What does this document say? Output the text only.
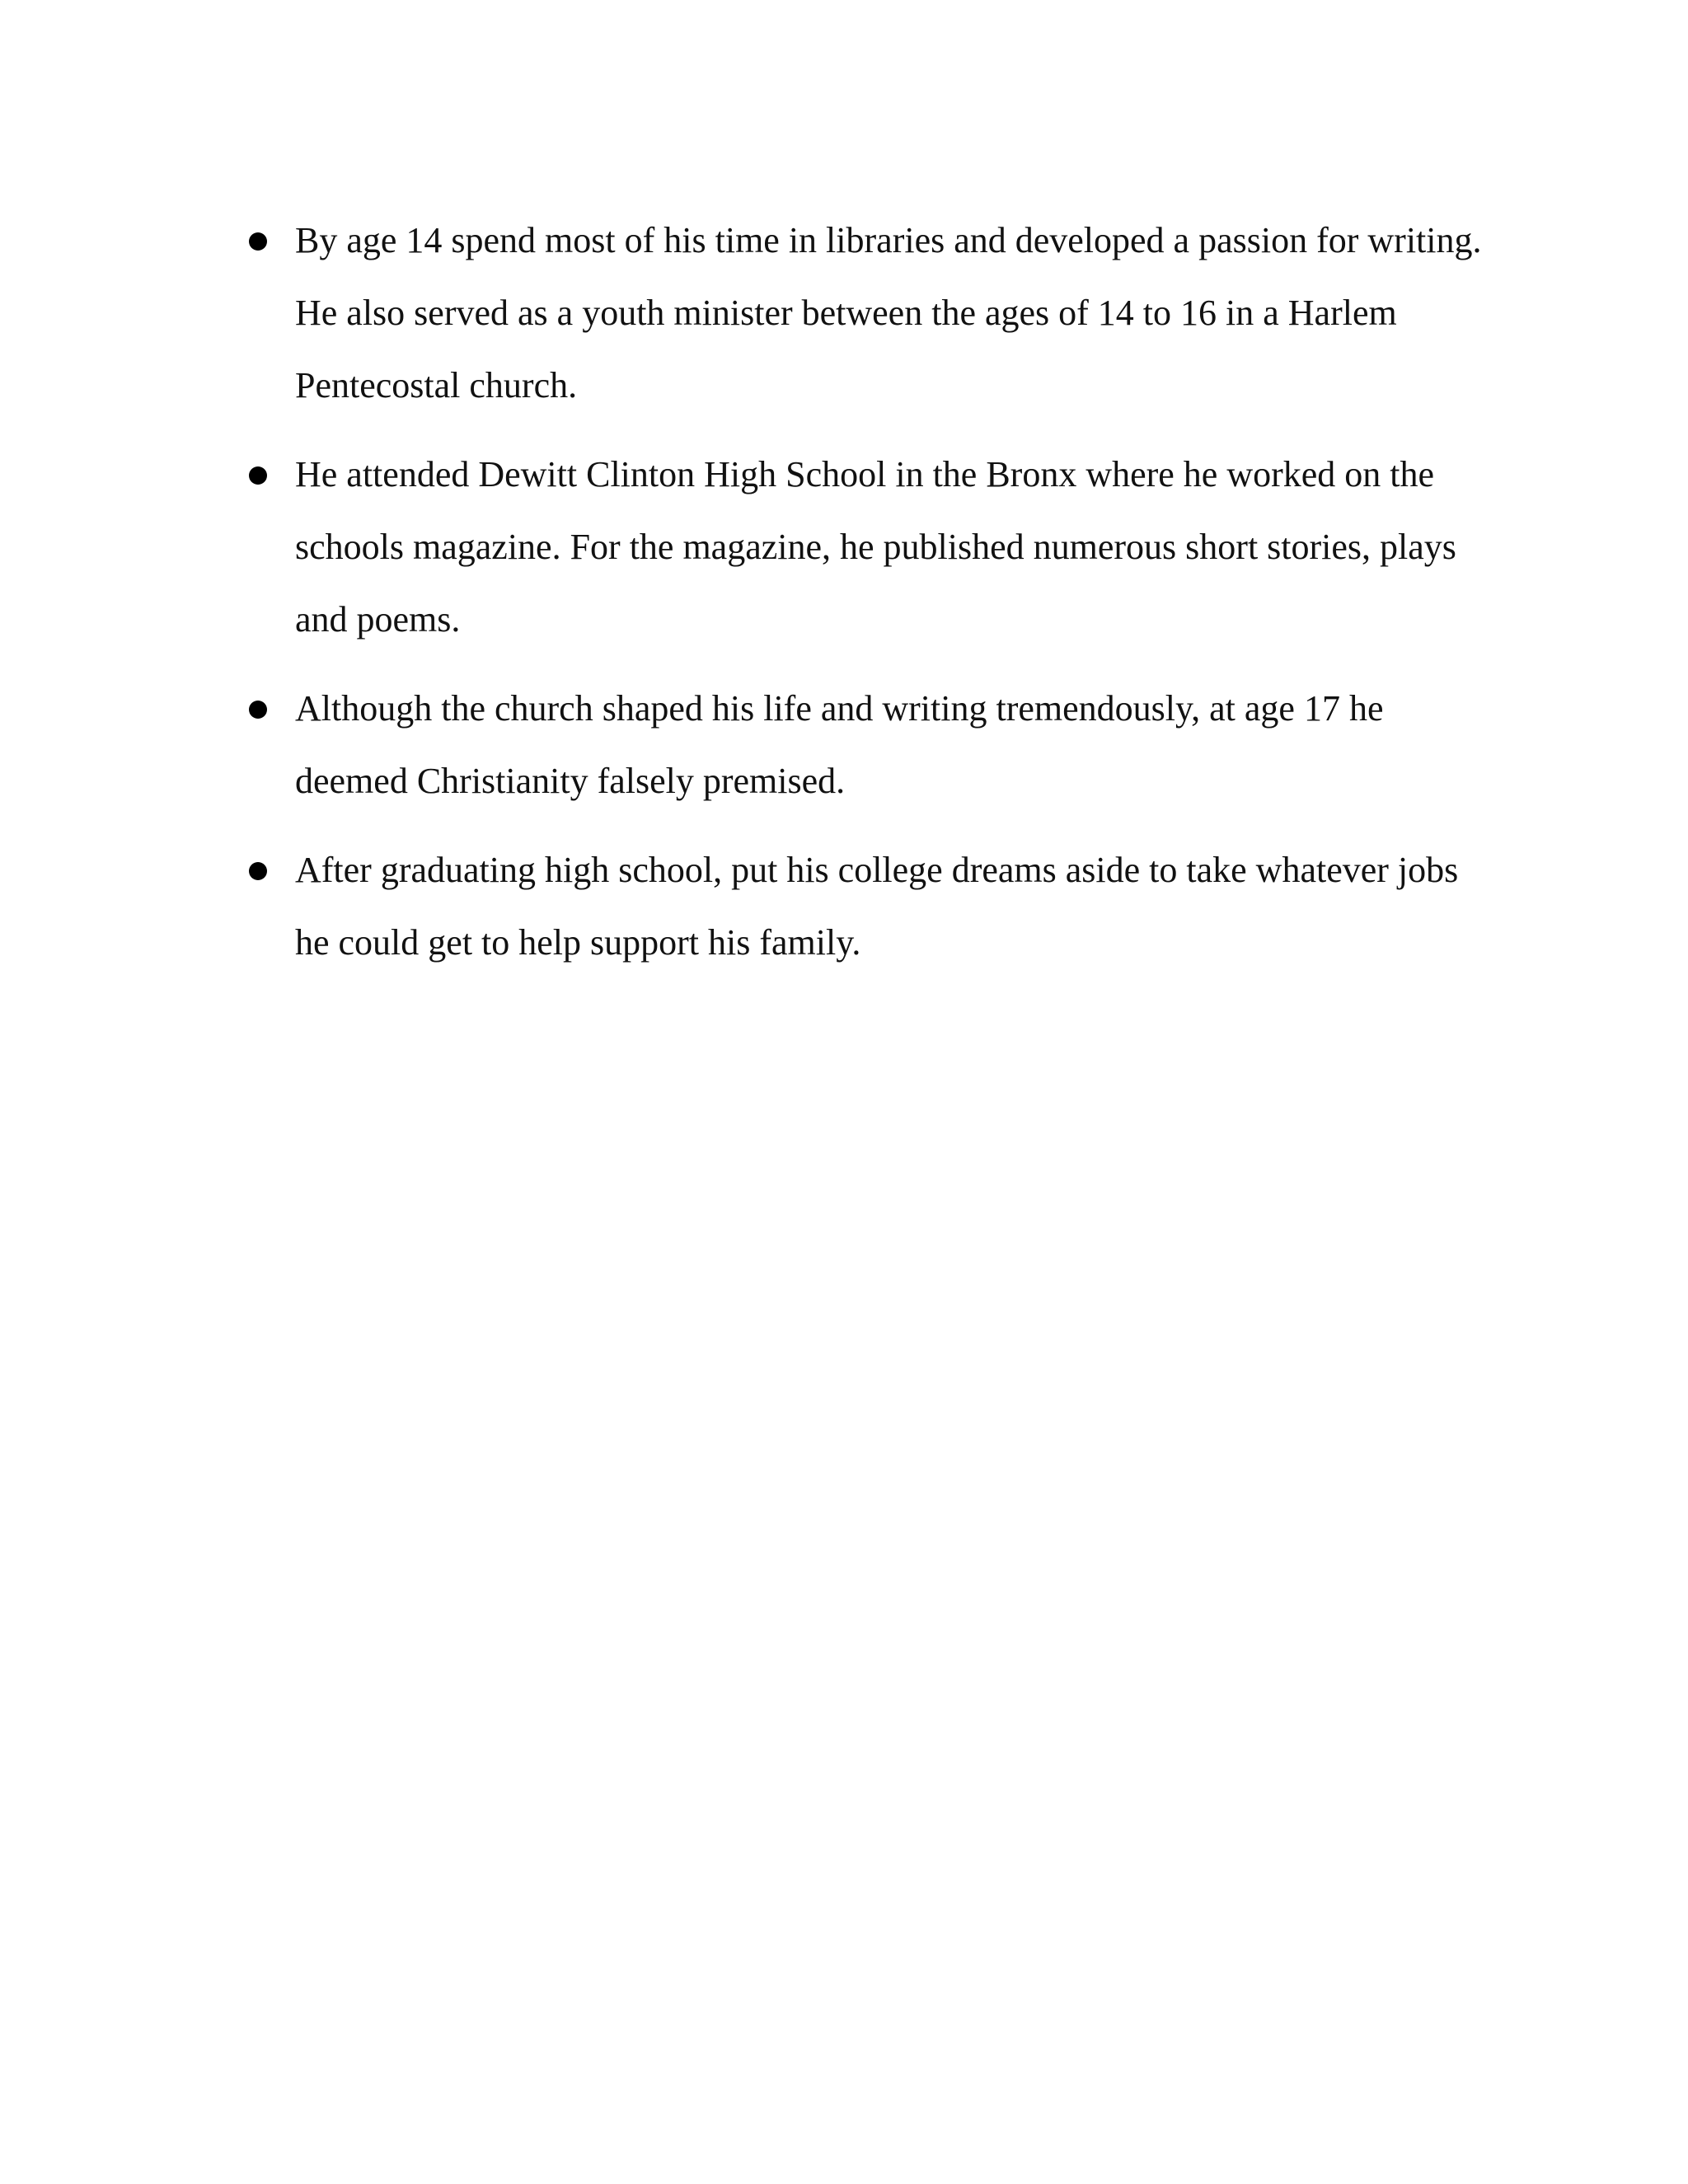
By age 14 spend most of his time in libraries and developed a passion for writing. He also served as a youth minister between the ages of 14 to 16 in a Harlem Pentecostal church.
He attended Dewitt Clinton High School in the Bronx where he worked on the schools magazine. For the magazine, he published numerous short stories, plays and poems.
Although the church shaped his life and writing tremendously, at age 17 he deemed Christianity falsely premised.
After graduating high school, put his college dreams aside to take whatever jobs he could get to help support his family.
